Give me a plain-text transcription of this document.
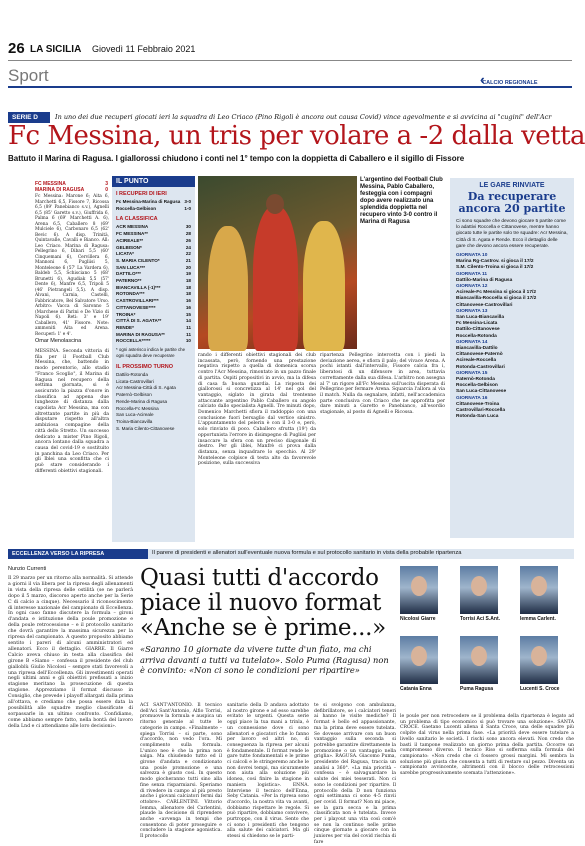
26 LA SICILIA Giovedì 11 Febbraio 2021
Sport	‹‹ CALCIO REGIONALE
SERIE D	In uno dei due recuperi giocati ieri la squadra di Leo Criaco (Pino Rigoli è ancora out causa Covid) vince agevolmente e si avvicina ai "cugini" dell'Acr
Fc Messina, un tris per volare a -2 dalla vetta
Battuto il Marina di Ragusa. I giallorossi chiudono i conti nel 1° tempo con la doppietta di Caballero e il sigillo di Fissore
FC MESSINA	3
MARINA DI RAGUSA	0
Fc Messina: Marone 6; Aita 6, Marchetti 6,5, Fissore 7, Ricossa 6,5 (89' Panebianco s.v.), Agnelli 6,5 (85' Garetto s.v.), Giuffrida 6, Palma 6 (69' Marchetti A. 6), Arena 6,5, Caballero 8 (69' Mulciele 6), Carbonaro 6,5 (62' Bevic 6). A disp. Trinità, Quintavalle, Cavalli e Bianco. All: Leo Criaco. Marina di Ragusa: Pellegrino 6, Dibari 5,5 (60' Cinquemani 6), Cervillera 6, Mannoni 6, Pugliisi 5, Monteleone 6 (57' La Vardera 6), Baldeb 5,5, Schisciano 5 (68' Brunetti 6), Agudiak 5,5 (57' Dente 6), Manfre 6,5, Tripoli 5 (46' Pietrangeli 5,5). A disp. Alvani, Carnia, Castelli, Fabbricatore, Bel Salvatore Urso. Arbitro: Vacca di Saronno 5 (Marchese di Parini e De Vizio di Napoli 6). Reti: 3' e 19' Caballero, 41' Fissore. Note: ammoniti Aita ed Arena. Recuperi: 1' e 4'.
Omar Menolascina
MESSINA. Seconda vittoria di fila per il Football Club Messina, che, battendo in modo perentorio, allo stadio "Franco Scoglio", il Marina di Ragusa nel recupero della settima giornata, si è assicurato la piazza d'onore in classifica ad appena due lunghezze di distanza dalla capolista Acr Messina, ma con altrettante partite in più da disputare rispetto all'altra ambiziosa compagine della città dello Stretto. Un successo dedicato a mister Pino Rigoli, ancora lontano dalla squadra a causa del covid-19 e sostituito in panchina da Leo Criaco. Per gli Iblei una sconfitta che ci può stare considerando i differenti obiettivi stagionali.
IL PUNTO
I RECUPERI DI IERI
Fc Messina-Marina di Ragusa 3-0
Roccella-Gelbison	1-0
LA CLASSIFICA
ACR MESSINA	30
FC MESSINA**	28
ACIREALE**	26
GELBISON*	24
LICATA*	22
S. MARIA CILENTO*	21
SAN LUCA***	20
DATTILO***	19
PATERNO**	18
BIANCAVILLA (-1)***	18
ROTONDA***	18
CASTROVILLARI***	16
CITTANOVESE****	16
TROINA*	15
CITTÀ DI S. AGATA**	14
RENDE*	11
MARINA DI RAGUSA**	11
ROCCELLA*****	10
* ogni asterisco indica le partite che ogni squadra deve recuperare
IL PROSSIMO TURNO
Dattilo-Rotonda
Licata-Castrovillari
Acr Messina-Città di S. Agata
Paternò-Gelbison
Rende-Marina di Ragusa
Roccella-Fc Messina
San Luca-Acireale
Troina-Biancavilla
S. Maria Cilento-Cittanovese
L'argentino del Football Club Messina, Pablo Caballero, festeggia con i compagni dopo avere realizzato una splendida doppietta nel recupero vinto 3-0 contro il Marina di Ragusa
rando i differenti obiettivi stagionali dei club incassata, però, fornendo una prestazione negativa rispetto a quella di domenica scorsa contro l'Acr Messina, rimontato in un pazzo finale di partita. Ospiti propositivi in avvio, ma la difesa di casa fa buona guardia. La risposta dei giallorossi si concretizza al 14' nel gol del vantaggio, siglato in girata dal trentenne attaccante argentino Pablo Caballero su angolo calciato dallo specialista Agnelli. Tre minuti dopo, Domenico Marchetti sfiora il raddoppio con una conclusione fuori bersaglio dal vertice sinistro. L'appuntamento del pelerin è con il 3-0 e, però, solo rinviato di poco. Caballero sfrutta (19') da opportunista l'errore in disimpegno di Pugliisi per insaccare la sfera con un preciso diagonale di destro. Per gli iblei, Manfrè ci prova dalla distanza, senza inquadrare lo specchio. Al 29' Monteleone colpisce di testa alto da favorevole posizione, sulla successiva
ripartenza Pellegrino intercetta con i piedi la deviazione aerea, e sfiora il palo; del vivace Arena. A pochi istanti dall'intervallo, Fissore calcia fra i, liberatosi di un difensore in area, tuttavia correttamente dalla sua difesa. L'arbitro non assegna al 7' un rigore all'Fc Messina sull'uscita disperata di Pellegrino per fermare Arena. Squarcia l'allora al via il match. Nulla da segnalare, infatti, nell'accademica parte conclusiva con Criaco che ne approfitta per dare minuti a Garetto e Panebianco, all'esordio stagionale, al posto di Agnelli e Ricossa.
LE GARE RINVIATE
Da recuperare ancora 20 partite
Ci sono squadre che devono giocare 5 partite come lo adattivi Roccella e Cittanovese, mentre hanno giocato tutte le partite solo tre squadre: Acr Messina, Città di S. Agata e Rende. Ecco il dettaglio delle gare che devono ancora essere recuperate.
GIORNATA 10
Marina Rg-Castrov. si gioca il 17/2
S.M. Cilento-Troina si gioca il 17/2
GIORNATA 11
Dattilo-Marina di Ragusa
GIORNATA 12
Acireale-Fc Messina si gioca il 17/2
Biancavilla-Roccella si gioca il 17/2
Cittanovese-Castrovillari
GIORNATA 13
San Luca-Biancavilla
Fc Messina-Licata
Dattilo-Cittanovese
Roccella-Rotonda
GIORNATA 14
Biancavilla-Dattilo
Cittanovese-Paternò
Acireale-Roccella
Rotonda-Castrovillari
GIORNATA 15
Paternò-Rotonda
Roccella-Gelbison
San Luca-Cittanovese
GIORNATA 16
Cittanovese-Troina
Castrovillari-Roccella
Rotonda-San Luca
ECCELLENZA VERSO LA RIPRESA	Il parere di presidenti e allenatori sull'eventuale nuova formula e sul protocollo sanitario in vista della probabile ripartenza
Nunzio Currenti
Il 29 marzo per un ritorno alla normalità. Si attende a giorni il via libera per la ripresa degli allenamenti in vista della ripresa delle ostilità (se ne parlerà dopo il 5 marzo, discorso aperto anche per la Serie C di calcio a cinque). Necessario il riconoscimento di interesse nazionale del campionato di Eccellenza. In ogni caso fanno discutere la formula – gironi d'andata e istituzione della poule promozione e della poule retrocessione – e il protocollo sanitario che dovrà garantire la massima sicurezza per la ripresa del campionato. A questo proposito abbiamo sentito i pareri di alcuni amministratori ed allenatori. Ecco il dettaglio. GIARRE. Il Giarre Calcio aveva chiuso in testa alla classifica del girone B «Siamo – confessa il presidente del club gialloblù Giulio Nicolosi – sempre stati favorevoli a una ripresa dell'Eccellenza. Gli investimenti operati negli ultimi anni e gli obiettivi prefissati a inizio stagione meritano la prosecuzione di questa stagione. Apprezziamo il format discusso in Consiglio, che prevede i playoff allargati dalla prima all'ottava, e crediamo che possa essere data la possibilità alle squadre meglio classificate di sorpassarle in un ultimo confronto. Confidiamo, come abbiamo sempre fatto, nella bontà del lavoro della Lnd e ci attendiamo alle loro decisioni».
Quasi tutti d'accordo piace il nuovo format «Anche se è prime...»
«Saranno 10 giornate da vivere tutte d'un fiato, ma chi arriva davanti a tutti va tutelato». Solo Puma (Ragusa) non è convinto: «Non ci sono le condizioni per ripartire»
ACI SANT'ANTONIO. Il tecnico dell'Aci Sant'Antonio, Alfio Torrisi, promuove la formula e auspica un ritorno generale al tutte le categorie in campo. «Finalmente – spiega Torrisi – si parte, sono d'accordo, non vedo l'ora. Mi complimento sulla formula. L'unico neo è che la prima non salga. Ma chiudendo tutto ed il girone d'andata e condizionato una poule promozione e una salvezza è giusto così. In questo modo giocheranno tutti sino alla fine senza risparmiarsi. Speriamo di rivedere in campo al più presto anche i giovani calciatori fermi dai ottobre». CARLENTINI. Vittorio Iemma, allenatore del Carlentini, plaude la decisione di riprendere anche «avvenga in tempi che consentono di poter proseguire e concludere la stagione agonistica. Il protocollo
sanitario della D andava adottato al nostro girone e ad esso sarebbe evitato le urgenti. Questa serie oggi piace la tua mani a trinla, è un connessione dove ci sono allenatori e giocatori che lo fanno per lavoro ed altri no, di conseguenza la ripresa per alcuni è fondamentale. Il format rende le gare tutte fondamentali e le prime ci calcoli e le stringeremo anche le non dovrei tempi, ma sicuramente non aiuta alla soluzione più idonea, così finire la stagione in maniera logistica». ENNA. Interviene il tecnico dell'Enna, Seby Catania. «Per la ripresa sono d'accordo, la nostra vita va avanti, dobbiamo rispettare le regole. Sì può ripartire, dobbiamo convivere, purtroppo, con il virus. Sento che ci sono i presidenti che tengono alla salute dei calciatori. Ma gli stessi si chiedono se le parti-
te si svolgono con ambulanza, defibrillatore, se i calciatori teneri ai hanno le visite mediche? Il format è bello ed appassionante, ma la prima deve essere tutelata. Se dovesse arrivare con un buon vantaggio sulla seconda si potrebbe garantire direttamente la promozione o un vantaggio nella griglia». RAGUSA. Giacomo Puma, presidente del Ragusa, traccia un analisi a 360°. «La mia priorità – confessa – è salvaguardare la salute dei miei tesserati. Non ci sono le condizioni per ripartire. Il protocollo della D non funziona ogni settimana ci sono 4-5 rinvii per covid. Il format? Non mi piace, se la gara secca e la prima classificata non è tutelata. Invece per i playout una vita così com'è se non la continuo nelle prime cinque giornate a giocare con la juniores per via del covid rischia di fare
Nicolosi Giarre	Torrisi Aci S.Ant.	Iemma Carlent.
Catania Enna	Puma Ragusa	Lucenti S. Croce
le poule per non retrocedere se il problema della ripartenza è legato ad un problema di tipo economico si può trovare una soluzione». SANTA CROCE. Gaetano Lucenti allena il Santa Croce, una delle squadre più colpite dal virus nella prima fase. «La priorità deve essere tutelare a livello sanitario le società. I rischi sono ancora elevati. Non credo che basti il tampone realizzato un giorno prima della partita. Occorre un compromesso diverso. Il tecnico Riso si sofferma sulla formula del campionato: «Non credo che ci fossero grossi margini. Mi sembra la soluzione più giusta che consenta a tutti di restare sul pezzo. Diventa un campionato avvincente, altrimenti con il blocco delle retrocessioni sarebbe progressivamente scemata l'attenzione».
